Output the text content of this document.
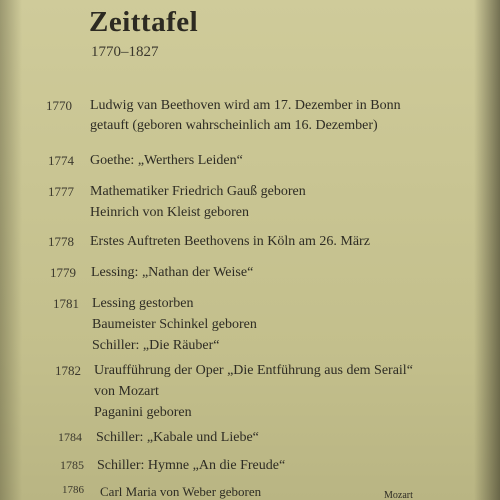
Zeittafel
1770–1827
1770 Ludwig van Beethoven wird am 17. Dezember in Bonn
getauft (geboren wahrscheinlich am 16. Dezember)
1774 Goethe: „Werthers Leiden“
1777 Mathematiker Friedrich Gauß geboren
Heinrich von Kleist geboren
1778 Erstes Auftreten Beethovens in Köln am 26. März
1779 Lessing: „Nathan der Weise“
1781 Lessing gestorben
Baumeister Schinkel geboren
Schiller: „Die Räuber“
1782 Uraufführung der Oper „Die Entführung aus dem Serail“
von Mozart
Paganini geboren
1784 Schiller: „Kabale und Liebe“
1785 Schiller: Hymne „An die Freude“
1786 Carl Maria von Weber geboren	Mozart
